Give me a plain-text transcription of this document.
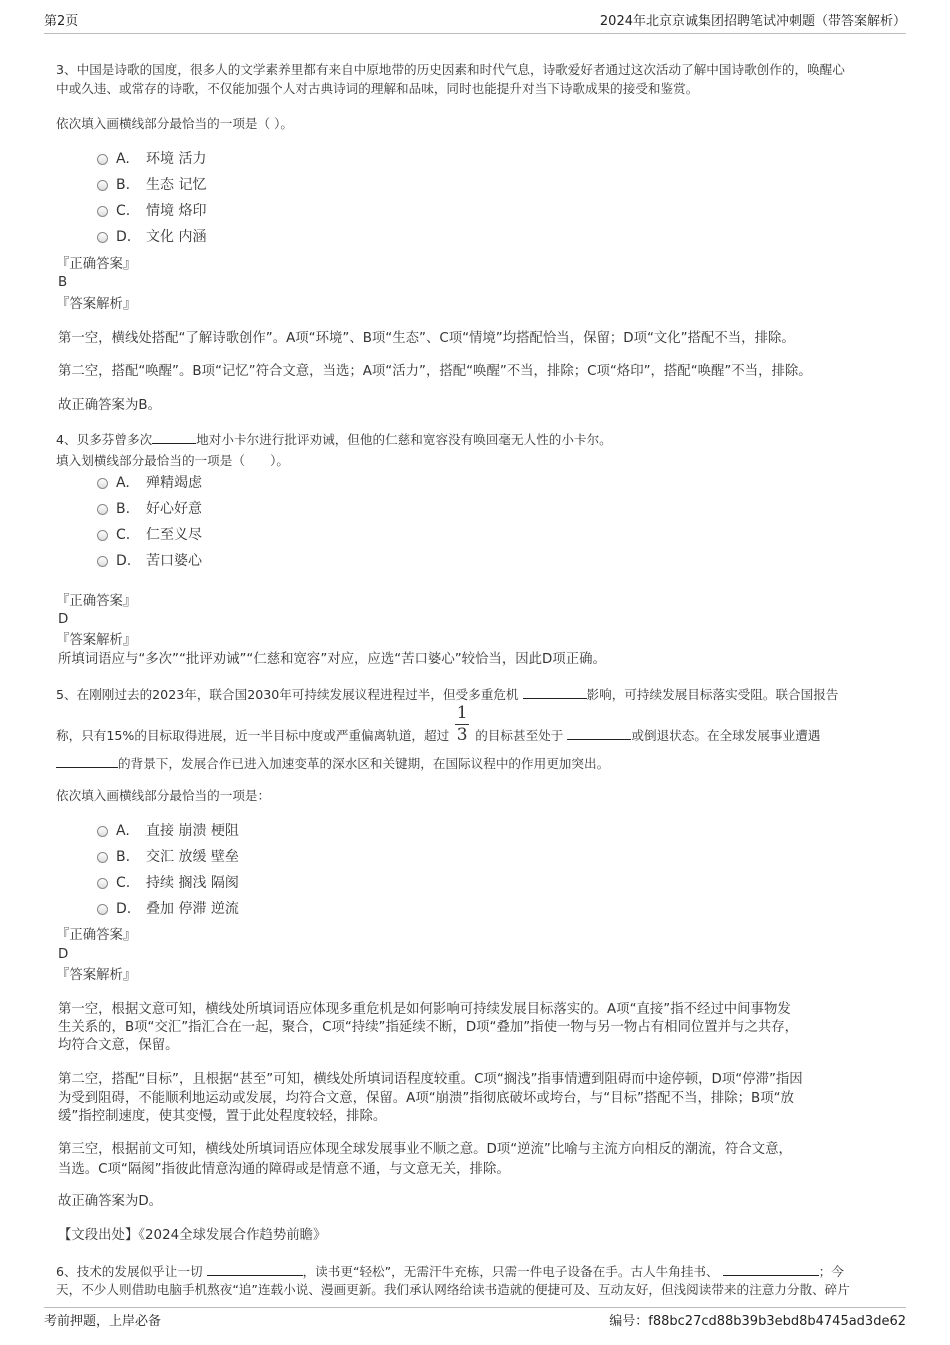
第2页	2024年北京京诚集团招聘笔试冲刺题（带答案解析）
3、中国是诗歌的国度，很多人的文学素养里都有来自中原地带的历史因素和时代气息，诗歌爱好者通过这次活动了解中国诗歌创作的，唤醒心
中或久违、或常存的诗歌，不仅能加强个人对古典诗词的理解和品味，同时也能提升对当下诗歌成果的接受和鉴赏。
依次填入画横线部分最恰当的一项是（ ）。
A. 环境 活力
B. 生态 记忆
C. 情境 烙印
D. 文化 内涵
『正确答案』
B
『答案解析』
第一空，横线处搭配“了解诗歌创作”。A项“环境”、B项“生态”、C项“情境”均搭配恰当，保留；D项“文化”搭配不当，排除。
第二空，搭配“唤醒”。B项“记忆”符合文意，当选；A项“活力”，搭配“唤醒”不当，排除；C项“烙印”，搭配“唤醒”不当，排除。
故正确答案为B。
4、贝多芬曾多次	地对小卡尔进行批评劝诫，但他的仁慈和宽容没有唤回毫无人性的小卡尔。
填入划横线部分最恰当的一项是（　　）。
A. 殚精竭虑
B. 好心好意
C. 仁至义尽
D. 苦口婆心
『正确答案』
D
『答案解析』
所填词语应与“多次”“批评劝诫”“仁慈和宽容”对应，应选“苦口婆心”较恰当，因此D项正确。
5、在刚刚过去的2023年，联合国2030年可持续发展议程进程过半，但受多重危机	影响，可持续发展目标落实受阻。联合国报告
称，只有15%的目标取得进展，近一半目标中度或严重偏离轨道，超过 $\frac{1}{3}$ 的目标甚至处于	或倒退状态。在全球发展事业遭遇
的背景下，发展合作已进入加速变革的深水区和关键期，在国际议程中的作用更加突出。
依次填入画横线部分最恰当的一项是：
A. 直接 崩溃 梗阻
B. 交汇 放缓 壁垒
C. 持续 搁浅 隔阂
D. 叠加 停滞 逆流
『正确答案』
D
『答案解析』
第一空，根据文意可知，横线处所填词语应体现多重危机是如何影响可持续发展目标落实的。A项“直接”指不经过中间事物发
生关系的，B项“交汇”指汇合在一起，聚合，C项“持续”指延续不断，D项“叠加”指使一物与另一物占有相同位置并与之共存，
均符合文意，保留。
第二空，搭配“目标”，且根据“甚至”可知，横线处所填词语程度较重。C项“搁浅”指事情遭到阻碍而中途停顿，D项“停滞”指因
为受到阻碍，不能顺利地运动或发展，均符合文意，保留。A项“崩溃”指彻底破坏或垮台，与“目标”搭配不当，排除；B项“放
缓”指控制速度，使其变慢，置于此处程度较轻，排除。
第三空，根据前文可知，横线处所填词语应体现全球发展事业不顺之意。D项“逆流”比喻与主流方向相反的潮流，符合文意，
当选。C项“隔阂”指彼此情意沟通的障碍或是情意不通，与文意无关，排除。
故正确答案为D。
【文段出处】《2024全球发展合作趋势前瞻》
6、技术的发展似乎让一切	，读书更“轻松”，无需汗牛充栋，只需一件电子设备在手。古人牛角挂书、	；今
天，不少人则借助电脑手机熬夜“追”连载小说、漫画更新。我们承认网络给读书造就的便捷可及、互动友好，但浅阅读带来的注意力分散、碎片
考前押题，上岸必备	编号：f88bc27cd88b39b3ebd8b4745ad3de62
